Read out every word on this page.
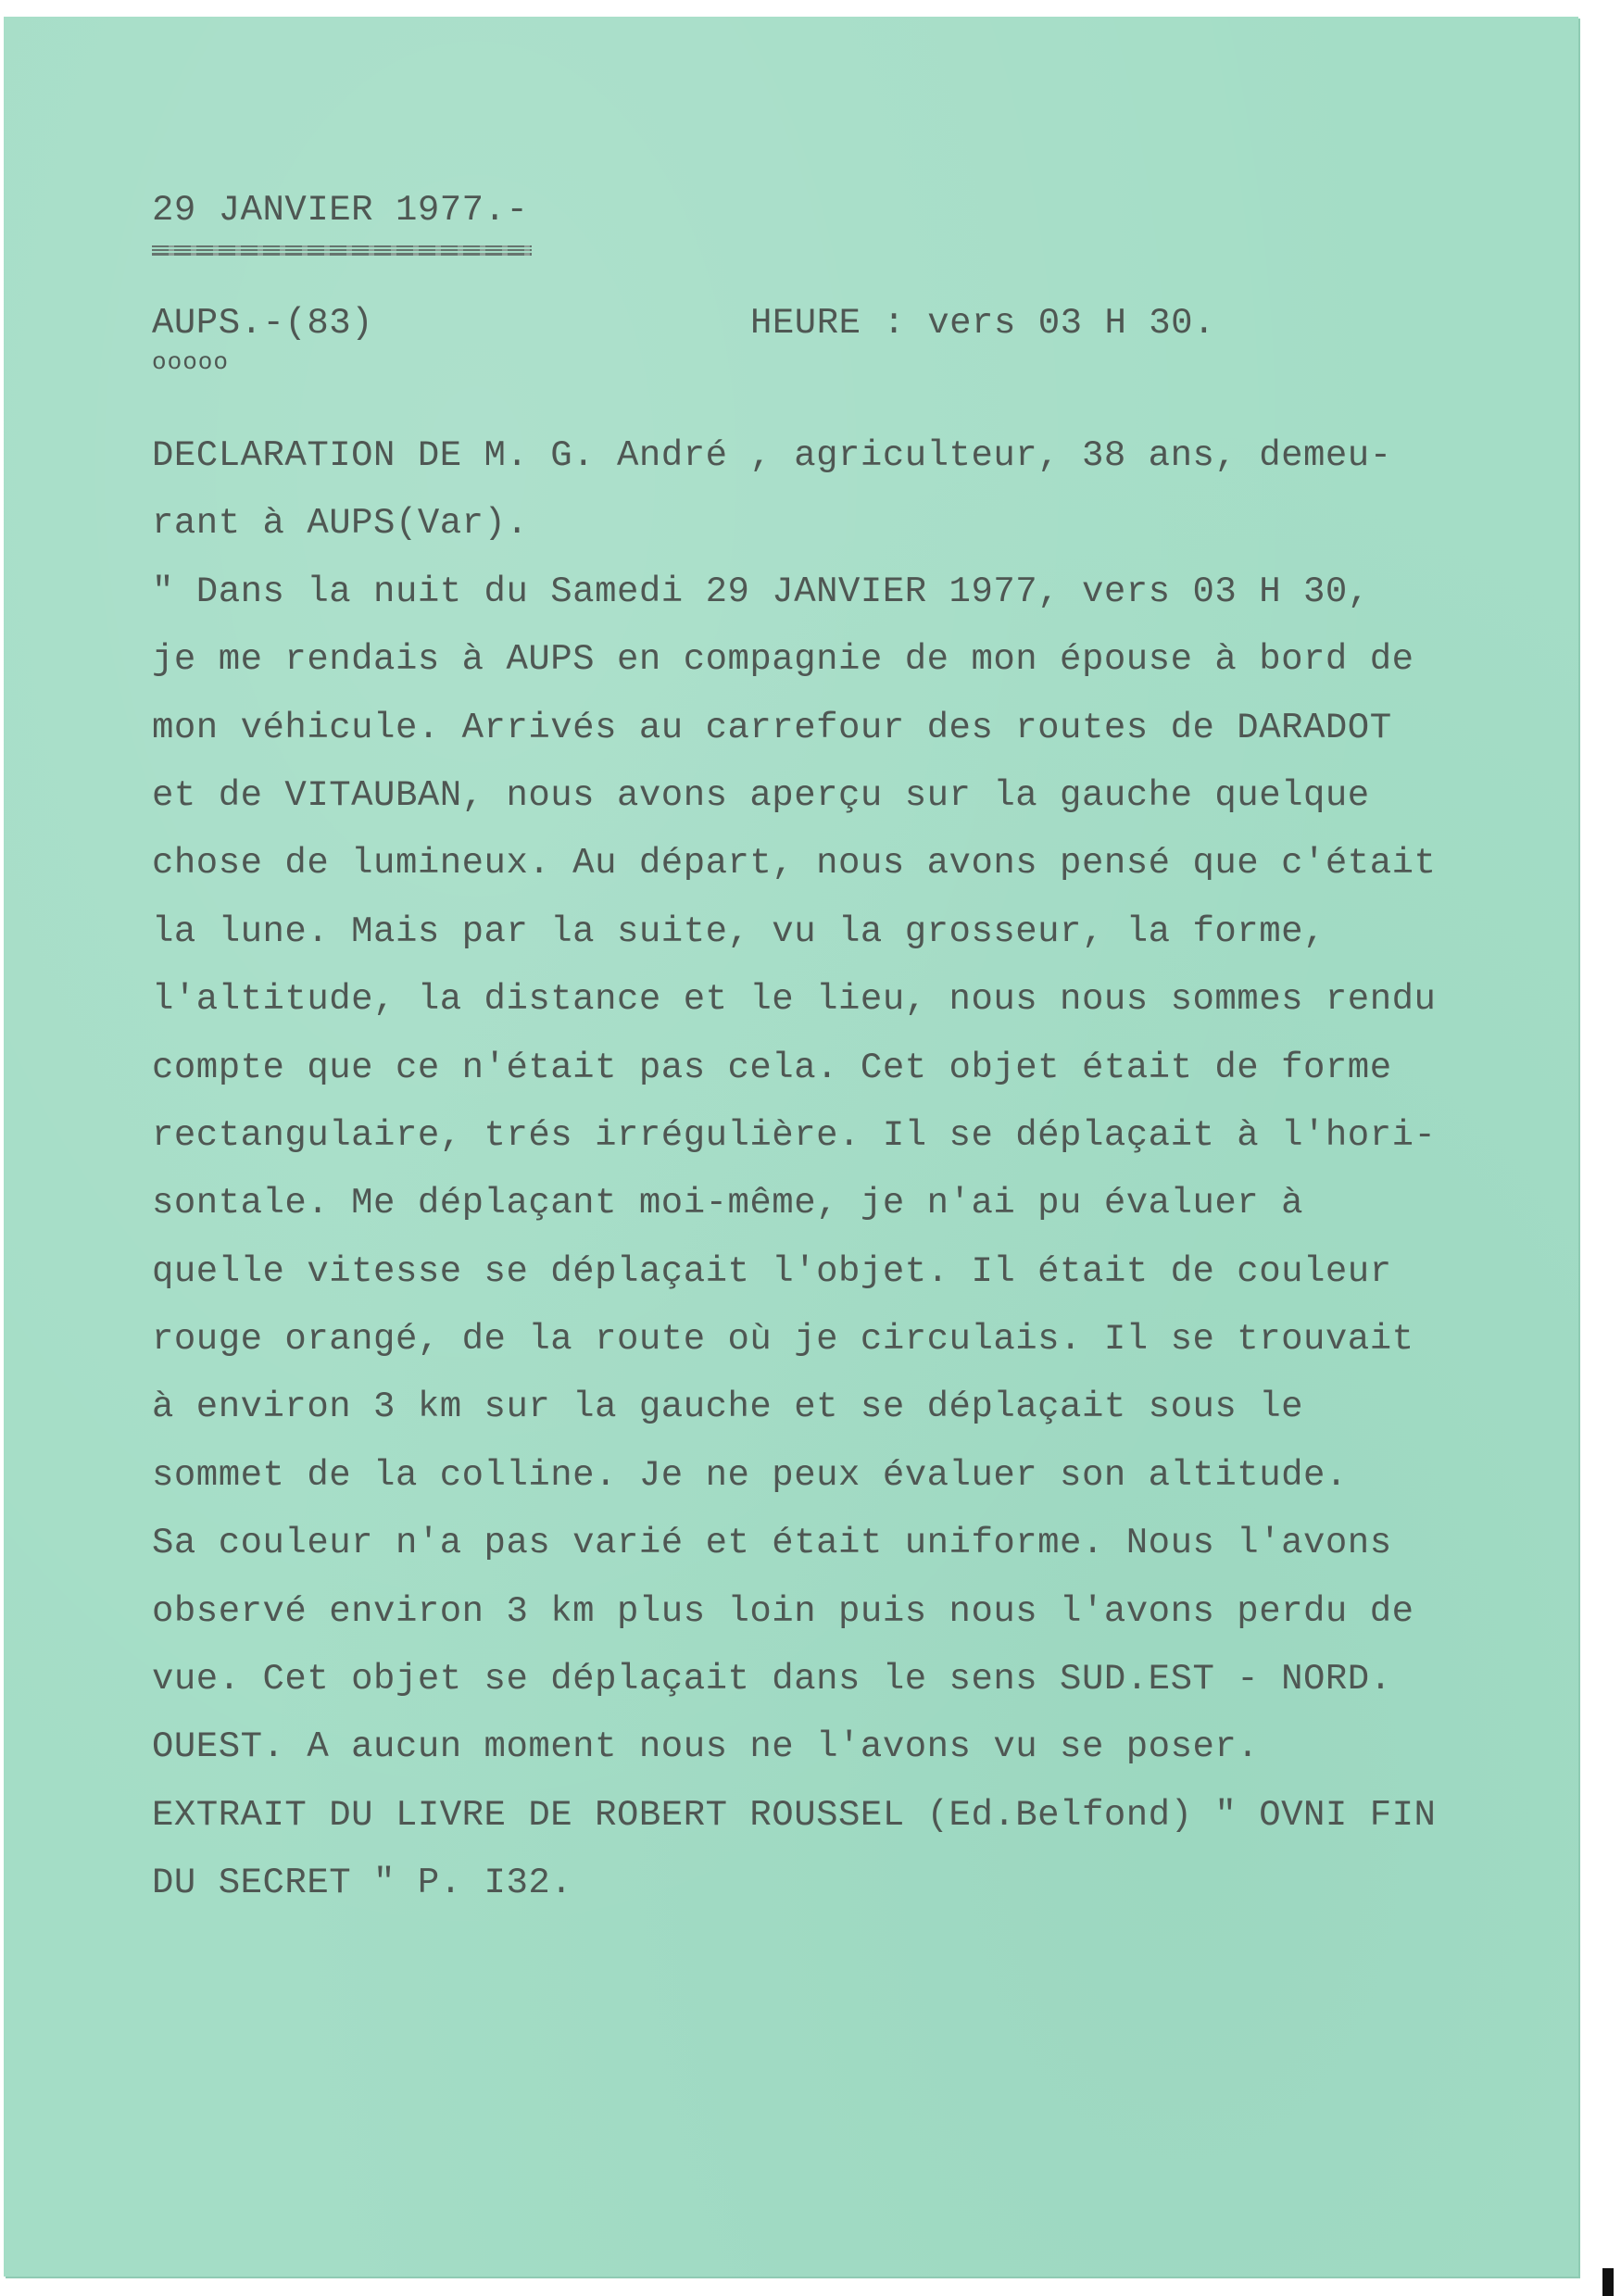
29 JANVIER 1977.-
AUPS.-(83)
ooooo
HEURE : vers 03 H 30.
DECLARATION DE M. G. André , agriculteur, 38 ans, demeu-
rant à AUPS(Var).
" Dans la nuit du Samedi 29 JANVIER 1977, vers 03 H 30,
je me rendais à AUPS en compagnie de mon épouse à bord de
mon véhicule. Arrivés au carrefour des routes de DARADOT
et de VITAUBAN, nous avons aperçu sur la gauche quelque
chose de lumineux. Au départ, nous avons pensé que c'était
la lune. Mais par la suite, vu la grosseur, la forme,
l'altitude, la distance et le lieu, nous nous sommes rendu
compte que ce n'était pas cela. Cet objet était de forme
rectangulaire, trés irrégulière. Il se déplaçait à l'hori-
sontale. Me déplaçant moi-même, je n'ai pu évaluer à
quelle vitesse se déplaçait l'objet. Il était de couleur
rouge orangé, de la route où je circulais. Il se trouvait
à environ 3 km sur la gauche et se déplaçait sous le
sommet de la colline. Je ne peux évaluer son altitude.
Sa couleur n'a pas varié et était uniforme. Nous l'avons
observé environ 3 km plus loin puis nous l'avons perdu de
vue. Cet objet se déplaçait dans le sens SUD.EST - NORD.
OUEST. A aucun moment nous ne l'avons vu se poser.
EXTRAIT DU LIVRE DE ROBERT ROUSSEL (Ed.Belfond) " OVNI FIN
DU SECRET " P. I32.
